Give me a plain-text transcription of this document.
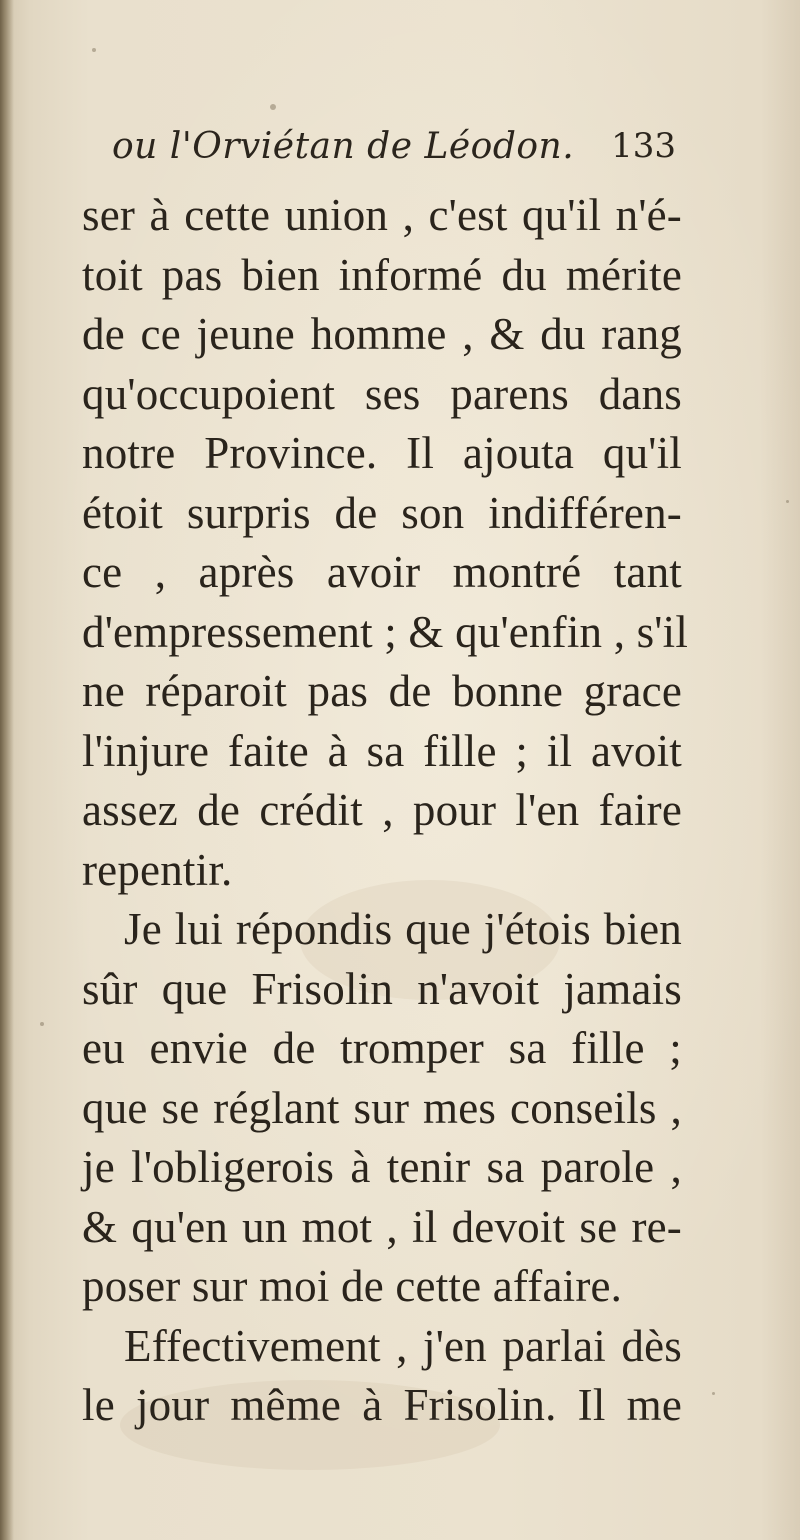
ou l'Orviétan de Léodon. 133
ser à cette union , c'est qu'il n'é-
toit pas bien informé du mérite
de ce jeune homme , & du rang
qu'occupoient ses parens dans
notre Province. Il ajouta qu'il
étoit surpris de son indifféren-
ce , après avoir montré tant
d'empressement ; & qu'enfin , s'il
ne réparoit pas de bonne grace
l'injure faite à sa fille ; il avoit
assez de crédit , pour l'en faire
repentir.
Je lui répondis que j'étois bien
sûr que Frisolin n'avoit jamais
eu envie de tromper sa fille ;
que se réglant sur mes conseils ,
je l'obligerois à tenir sa parole ,
& qu'en un mot , il devoit se re-
poser sur moi de cette affaire.
Effectivement , j'en parlai dès
le jour même à Frisolin. Il me
